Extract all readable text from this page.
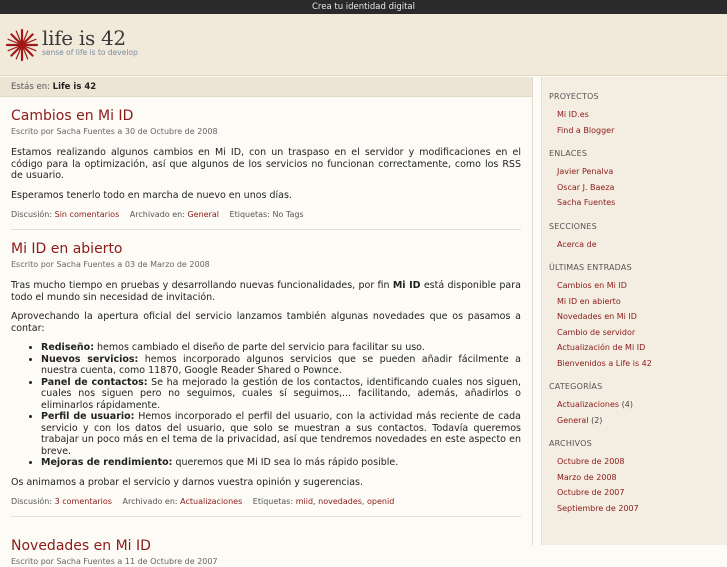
Crea tu identidad digital
life is 42
sense of life is to develop
Estás en: Life is 42
Cambios en Mi ID
Escrito por Sacha Fuentes a 30 de Octubre de 2008

Estamos realizando algunos cambios en Mi ID, con un traspaso en el servidor y modificaciones en el código para la optimización, así que algunos de los servicios no funcionan correctamente, como los RSS de usuario.

Esperamos tenerlo todo en marcha de nuevo en unos días.

Discusión: Sin comentarios Archivado en: General Etiquetas: No Tags
Mi ID en abierto
Escrito por Sacha Fuentes a 03 de Marzo de 2008

Tras mucho tiempo en pruebas y desarrollando nuevas funcionalidades, por fin Mi ID está disponible para todo el mundo sin necesidad de invitación.

Aprovechando la apertura oficial del servicio lanzamos también algunas novedades que os pasamos a contar:

• Rediseño: hemos cambiado el diseño de parte del servicio para facilitar su uso.
• Nuevos servicios: hemos incorporado algunos servicios que se pueden añadir fácilmente a nuestra cuenta, como 11870, Google Reader Shared o Pownce.
• Panel de contactos: Se ha mejorado la gestión de los contactos, identificando cuales nos siguen, cuales nos siguen pero no seguimos, cuales sí seguimos,... facilitando, además, añadirlos o eliminarlos rápidamente.
• Perfil de usuario: Hemos incorporado el perfil del usuario, con la actividad más reciente de cada servicio y con los datos del usuario, que solo se muestran a sus contactos. Todavía queremos trabajar un poco más en el tema de la privacidad, así que tendremos novedades en este aspecto en breve.
• Mejoras de rendimiento: queremos que Mi ID sea lo más rápido posible.

Os animamos a probar el servicio y darnos vuestra opinión y sugerencias.

Discusión: 3 comentarios Archivado en: Actualizaciones Etiquetas: miid, novedades, openid
Novedades en Mi ID
Escrito por Sacha Fuentes a 11 de Octubre de 2007
PROYECTOS
Mi ID.es
Find a Blogger
ENLACES
Javier Penalva
Oscar J. Baeza
Sacha Fuentes
SECCIONES
Acerca de
ÚLTIMAS ENTRADAS
Cambios en Mi ID
Mi ID en abierto
Novedades en Mi ID
Cambio de servidor
Actualización de Mi ID
Bienvenidos a Life is 42
CATEGORÍAS
Actualizaciones (4)
General (2)
ARCHIVOS
Octubre de 2008
Marzo de 2008
Octubre de 2007
Septiembre de 2007
